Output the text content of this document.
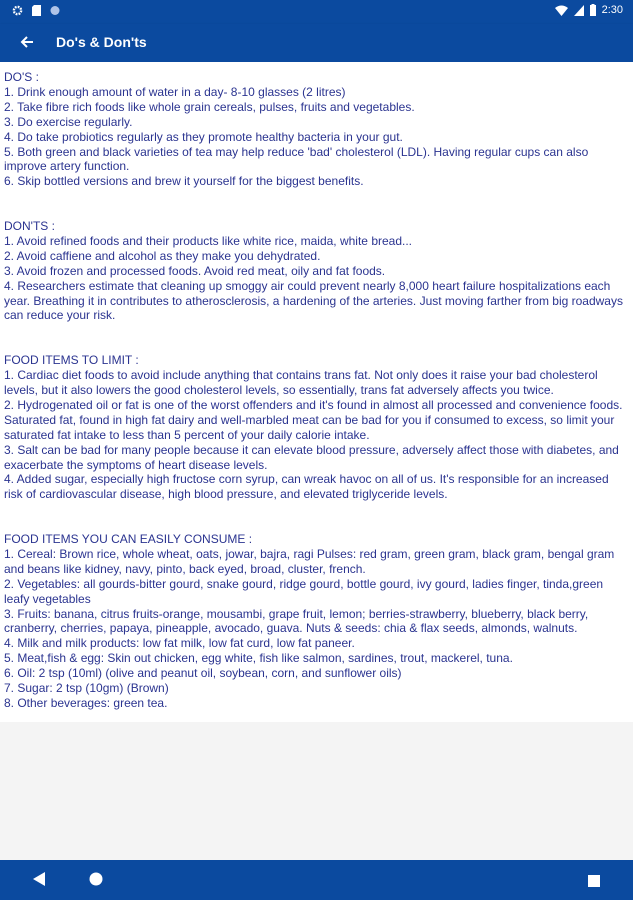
2:30
Do's & Don'ts
DO'S :
1. Drink enough amount of water in a day- 8-10 glasses (2 litres)
2. Take fibre rich foods like whole grain cereals, pulses, fruits and vegetables.
3. Do exercise regularly.
4. Do take probiotics regularly as they promote healthy bacteria in your gut.
5. Both green and black varieties of tea may help reduce 'bad' cholesterol (LDL). Having regular cups can also improve artery function.
6. Skip bottled versions and brew it yourself for the biggest benefits.
DON'TS :
1. Avoid refined foods and their products like white rice, maida, white bread...
2. Avoid caffiene and alcohol as they make you dehydrated.
3. Avoid frozen and processed foods. Avoid red meat, oily and fat foods.
4. Researchers estimate that cleaning up smoggy air could prevent nearly 8,000 heart failure hospitalizations each year. Breathing it in contributes to atherosclerosis, a hardening of the arteries. Just moving farther from big roadways can reduce your risk.
FOOD ITEMS TO LIMIT :
1. Cardiac diet foods to avoid include anything that contains trans fat. Not only does it raise your bad cholesterol levels, but it also lowers the good cholesterol levels, so essentially, trans fat adversely affects you twice.
2. Hydrogenated oil or fat is one of the worst offenders and it's found in almost all processed and convenience foods. Saturated fat, found in high fat dairy and well-marbled meat can be bad for you if consumed to excess, so limit your saturated fat intake to less than 5 percent of your daily calorie intake.
3. Salt can be bad for many people because it can elevate blood pressure, adversely affect those with diabetes, and exacerbate the symptoms of heart disease levels.
4. Added sugar, especially high fructose corn syrup, can wreak havoc on all of us. It's responsible for an increased risk of cardiovascular disease, high blood pressure, and elevated triglyceride levels.
FOOD ITEMS YOU CAN EASILY CONSUME :
1. Cereal: Brown rice, whole wheat, oats, jowar, bajra, ragi Pulses: red gram, green gram, black gram, bengal gram and beans like kidney, navy, pinto, back eyed, broad, cluster, french.
2. Vegetables: all gourds-bitter gourd, snake gourd, ridge gourd, bottle gourd, ivy gourd, ladies finger, tinda,green leafy vegetables
3. Fruits: banana, citrus fruits-orange, mousambi, grape fruit, lemon; berries-strawberry, blueberry, black berry, cranberry, cherries, papaya, pineapple, avocado, guava. Nuts & seeds: chia & flax seeds, almonds, walnuts.
4. Milk and milk products: low fat milk, low fat curd, low fat paneer.
5. Meat,fish & egg: Skin out chicken, egg white, fish like salmon, sardines, trout, mackerel, tuna.
6. Oil: 2 tsp (10ml) (olive and peanut oil, soybean, corn, and sunflower oils)
7. Sugar: 2 tsp (10gm) (Brown)
8. Other beverages: green tea.
